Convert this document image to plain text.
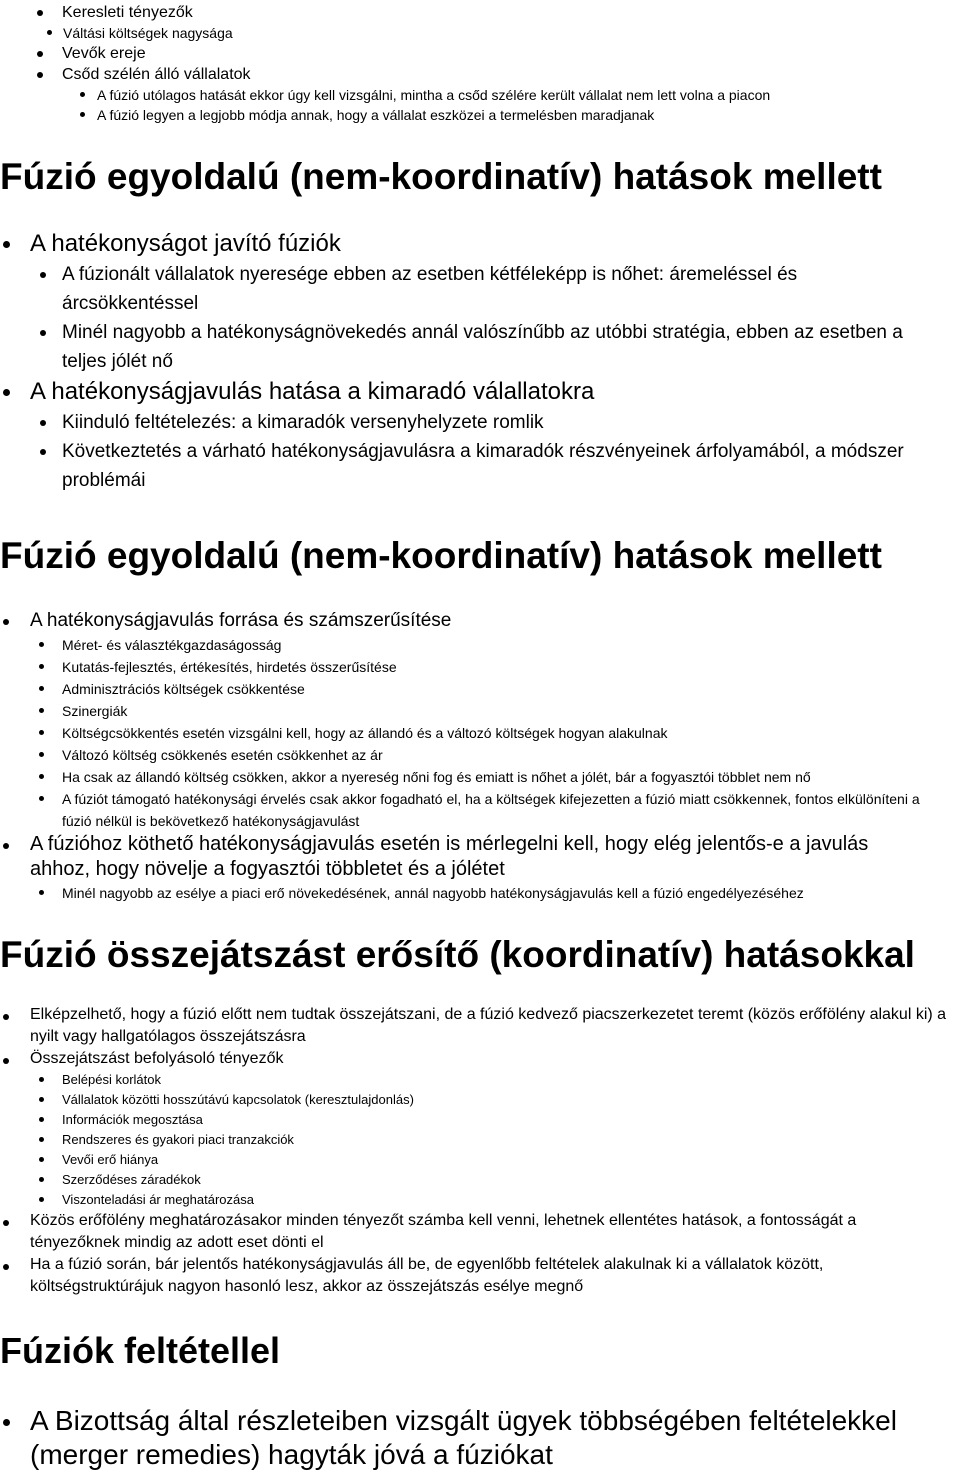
Keresleti tényezők
Váltási költségek nagysága
Vevők ereje
Csőd szélén álló vállalatok
A fúzió utólagos hatását ekkor úgy kell vizsgálni, mintha a csőd szélére került vállalat nem lett volna a piacon
A fúzió legyen a legjobb módja annak, hogy a vállalat eszközei a termelésben maradjanak
Fúzió egyoldalú (nem-koordinatív) hatások mellett
A hatékonyságot javító fúziók
A fúzionált vállalatok nyeresége ebben az esetben kétféleképp is nőhet: áremeléssel és árcsökkentéssel
Minél nagyobb a hatékonyságnövekedés annál valószínűbb az utóbbi stratégia, ebben az esetben a teljes jólét nő
A hatékonyságjavulás hatása a kimaradó válallatokra
Kiinduló feltételezés: a kimaradók versenyhelyzete romlik
Következtetés a várható hatékonyságjavulásra a kimaradók részvényeinek árfolyamából, a módszer problémái
Fúzió egyoldalú (nem-koordinatív) hatások mellett
A hatékonyságjavulás forrása és számszerűsítése
Méret- és választékgazdaságosság
Kutatás-fejlesztés, értékesítés, hirdetés összerűsítése
Adminisztrációs költségek csökkentése
Szinergiák
Költségcsökkentés esetén vizsgálni kell, hogy az állandó és a változó költségek hogyan alakulnak
Változó költség csökkenés esetén csökkenhet az ár
Ha csak az állandó költség csökken, akkor a nyereség nőni fog és emiatt is nőhet a jólét, bár a fogyasztói többlet nem nő
A fúziót támogató hatékonysági érvelés csak akkor fogadható el, ha a költségek kifejezetten a fúzió miatt csökkennek, fontos elkülöníteni a fúzió nélkül is bekövetkező hatékonyságjavulást
A fúzióhoz köthető hatékonyságjavulás esetén is mérlegelni kell, hogy elég jelentős-e a javulás ahhoz, hogy növelje a fogyasztói többletet és a jólétet
Minél nagyobb az esélye a piaci erő növekedésének, annál nagyobb hatékonyságjavulás kell a fúzió engedélyezéséhez
Fúzió összejátszást erősítő (koordinatív) hatásokkal
Elképzelhető, hogy a fúzió előtt nem tudtak összejátszani, de a fúzió kedvező piacszerkezetet teremt (közös erőfölény alakul ki) a nyilt vagy hallgatólagos összejátszásra
Összejátszást befolyásoló tényezők
Belépési korlátok
Vállalatok közötti hosszútávú kapcsolatok (keresztulajdonlás)
Információk megosztása
Rendszeres és gyakori piaci tranzakciók
Vevői erő hiánya
Szerződéses záradékok
Viszonteladási ár meghatározása
Közös erőfölény meghatározásakor minden tényezőt számba kell venni, lehetnek ellentétes hatások, a fontosságát a tényezőknek mindig az adott eset dönti el
Ha a fúzió során, bár jelentős hatékonyságjavulás áll be, de egyenlőbb feltételek alakulnak ki a vállalatok között, költségstruktúrájuk nagyon hasonló lesz, akkor az összejátszás esélye megnő
Fúziók feltétellel
A Bizottság által részleteiben vizsgált ügyek többségében feltételekkel (merger remedies) hagyták jóvá a fúziókat
